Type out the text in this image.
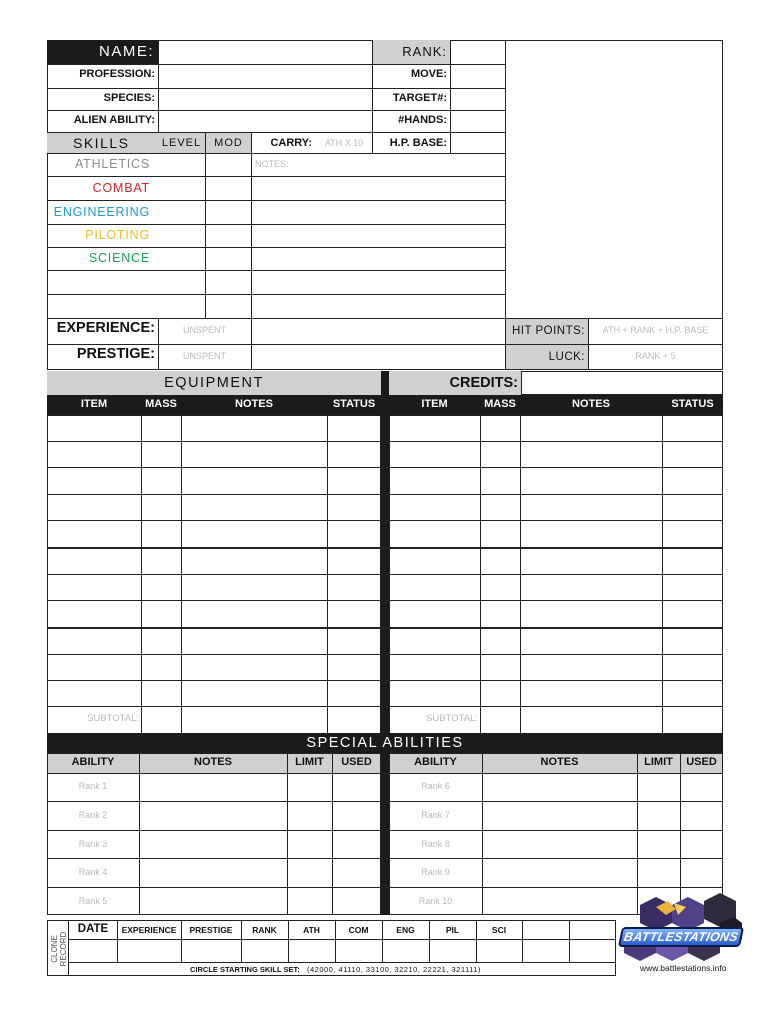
NAME:	RANK:
PROFESSION:	MOVE:
SPECIES:	TARGET#:
ALIEN ABILITY:	#HANDS:
SKILLS	LEVEL	MOD	CARRY:	ATH X 10	H.P. BASE:
NOTES:
ATHLETICS
COMBAT
ENGINEERING
PILOTING
SCIENCE
EXPERIENCE:	UNSPENT
PRESTIGE:	UNSPENT
HIT POINTS:	ATH + RANK + H.P. BASE
LUCK:	RANK + 5
EQUIPMENT	CREDITS:
ITEM	MASS	NOTES	STATUS	ITEM	MASS	NOTES	STATUS
SUBTOTAL:	SUBTOTAL:
SPECIAL ABILITIES
ABILITY	NOTES	LIMIT	USED	ABILITY	NOTES	LIMIT	USED
Rank 1
Rank 2
Rank 3
Rank 4
Rank 5
Rank 6
Rank 7
Rank 8
Rank 9
Rank 10
CLONE RECORD
DATE	EXPERIENCE	PRESTIGE	RANK	ATH	COM	ENG	PIL	SCI
CIRCLE STARTING SKILL SET: (42000, 41110, 33100, 32210, 22221, 321111)
BATTLESTATIONS
www.battlestations.info
